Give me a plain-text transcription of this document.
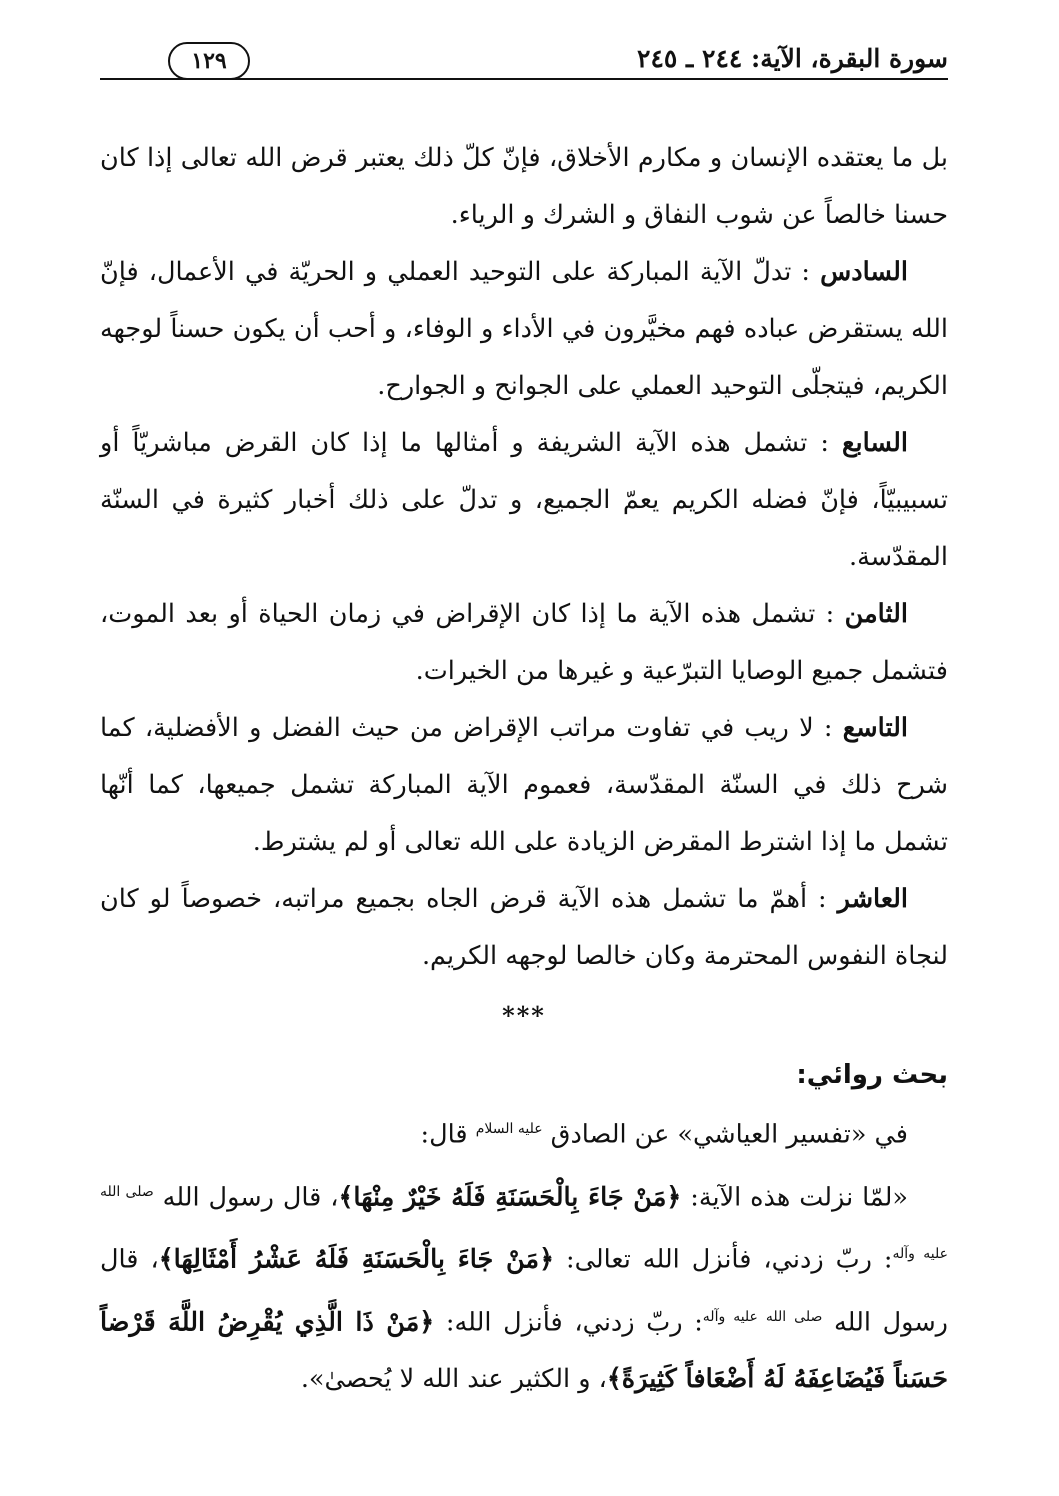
سورة البقرة، الآية: ٢٤٤ ـ ٢٤٥
١٢٩

بل ما يعتقده الإنسان و مكارم الأخلاق، فإنّ كلّ ذلك يعتبر قرض الله تعالى إذا كان حسنا خالصاً عن شوب النفاق و الشرك و الرياء.

السادس : تدلّ الآية المباركة على التوحيد العملي و الحريّة في الأعمال، فإنّ الله يستقرض عباده فهم مخيَّرون في الأداء و الوفاء، و أحب أن يكون حسناً لوجهه الكريم، فيتجلّى التوحيد العملي على الجوانح و الجوارح.

السابع : تشمل هذه الآية الشريفة و أمثالها ما إذا كان القرض مباشريّاً أو تسبيبيّاً، فإنّ فضله الكريم يعمّ الجميع، و تدلّ على ذلك أخبار كثيرة في السنّة المقدّسة.

الثامن : تشمل هذه الآية ما إذا كان الإقراض في زمان الحياة أو بعد الموت، فتشمل جميع الوصايا التبرّعية و غيرها من الخيرات.

التاسع : لا ريب في تفاوت مراتب الإقراض من حيث الفضل و الأفضلية، كما شرح ذلك في السنّة المقدّسة، فعموم الآية المباركة تشمل جميعها، كما أنّها تشمل ما إذا اشترط المقرض الزيادة على الله تعالى أو لم يشترط.

العاشر : أهمّ ما تشمل هذه الآية قرض الجاه بجميع مراتبه، خصوصاً لو كان لنجاة النفوس المحترمة وكان خالصا لوجهه الكريم.

***
بحث روائي:

في «تفسير العياشي» عن الصادق $^{عليه السلام}$ قال:

«لمّا نزلت هذه الآية: ﴿مَنْ جَاءَ بِالْحَسَنَةِ فَلَهُ خَيْرٌ مِنْهَا﴾، قال رسول الله $^{صلى الله عليه وآله}$: ربّ زدني، فأنزل الله تعالى: ﴿مَنْ جَاءَ بِالْحَسَنَةِ فَلَهُ عَشْرُ أَمْثَالِهَا﴾، قال رسول الله $^{صلى الله عليه وآله}$: ربّ زدني، فأنزل الله: ﴿مَنْ ذَا الَّذِي يُقْرِضُ اللَّهَ قَرْضاً حَسَناً فَيُضَاعِفَهُ لَهُ أَضْعَافاً كَثِيرَةً﴾، و الكثير عند الله لا يُحصىٰ».
